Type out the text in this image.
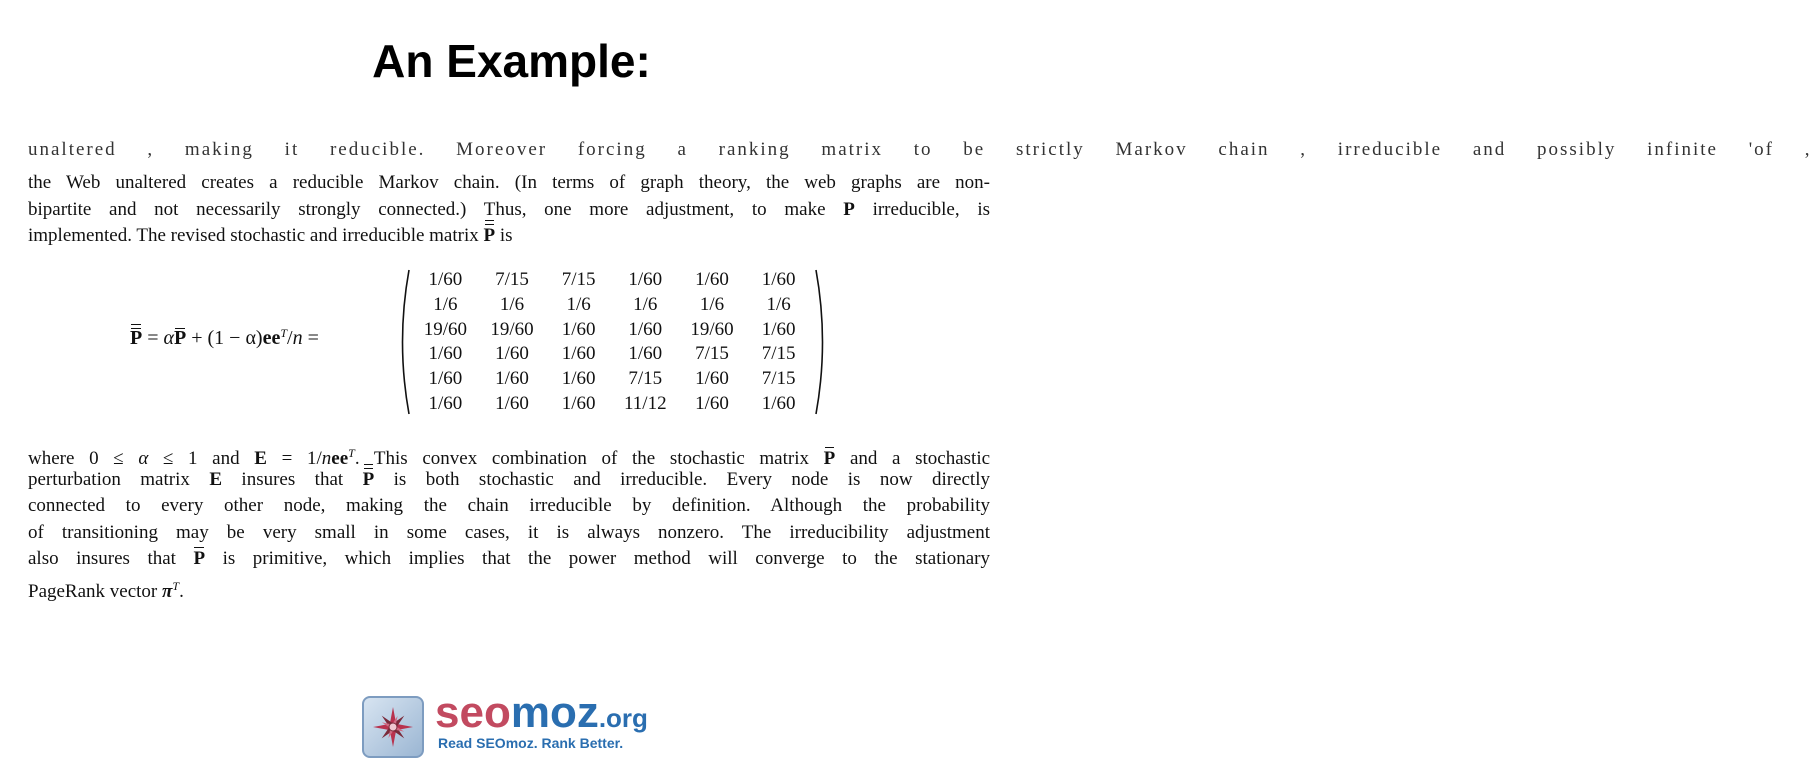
An Example:
unaltered , making it reducible. Moreover forcing a ranking matrix to be strictly Markov chain , irreducible and possibly infinite 'of ,
the Web unaltered creates a reducible Markov chain. (In terms of graph theory, the web graphs are non-
bipartite and not necessarily strongly connected.) Thus, one more adjustment, to make P irreducible, is
implemented. The revised stochastic and irreducible matrix P is
$P = \alpha P + (1 - \alpha)ee^T/n$ =
1/60	7/15	7/15	1/60	1/60	1/60
1/6	1/6	1/6	1/6	1/6	1/6
19/60	19/60	1/60	1/60	19/60	1/60
1/60	1/60	1/60	1/60	7/15	7/15
1/60	1/60	1/60	7/15	1/60	7/15
1/60	1/60	1/60	11/12	1/60	1/60
where 0 ≤ α ≤ 1 and E = 1/nee$^T$. This convex combination of the stochastic matrix P and a stochastic
perturbation matrix E insures that P is both stochastic and irreducible. Every node is now directly
connected to every other node, making the chain irreducible by definition. Although the probability
of transitioning may be very small in some cases, it is always nonzero. The irreducibility adjustment
also insures that P is primitive, which implies that the power method will converge to the stationary
PageRank vector $\pi^T$.
seomoz.org
Read SEOmoz. Rank Better.
